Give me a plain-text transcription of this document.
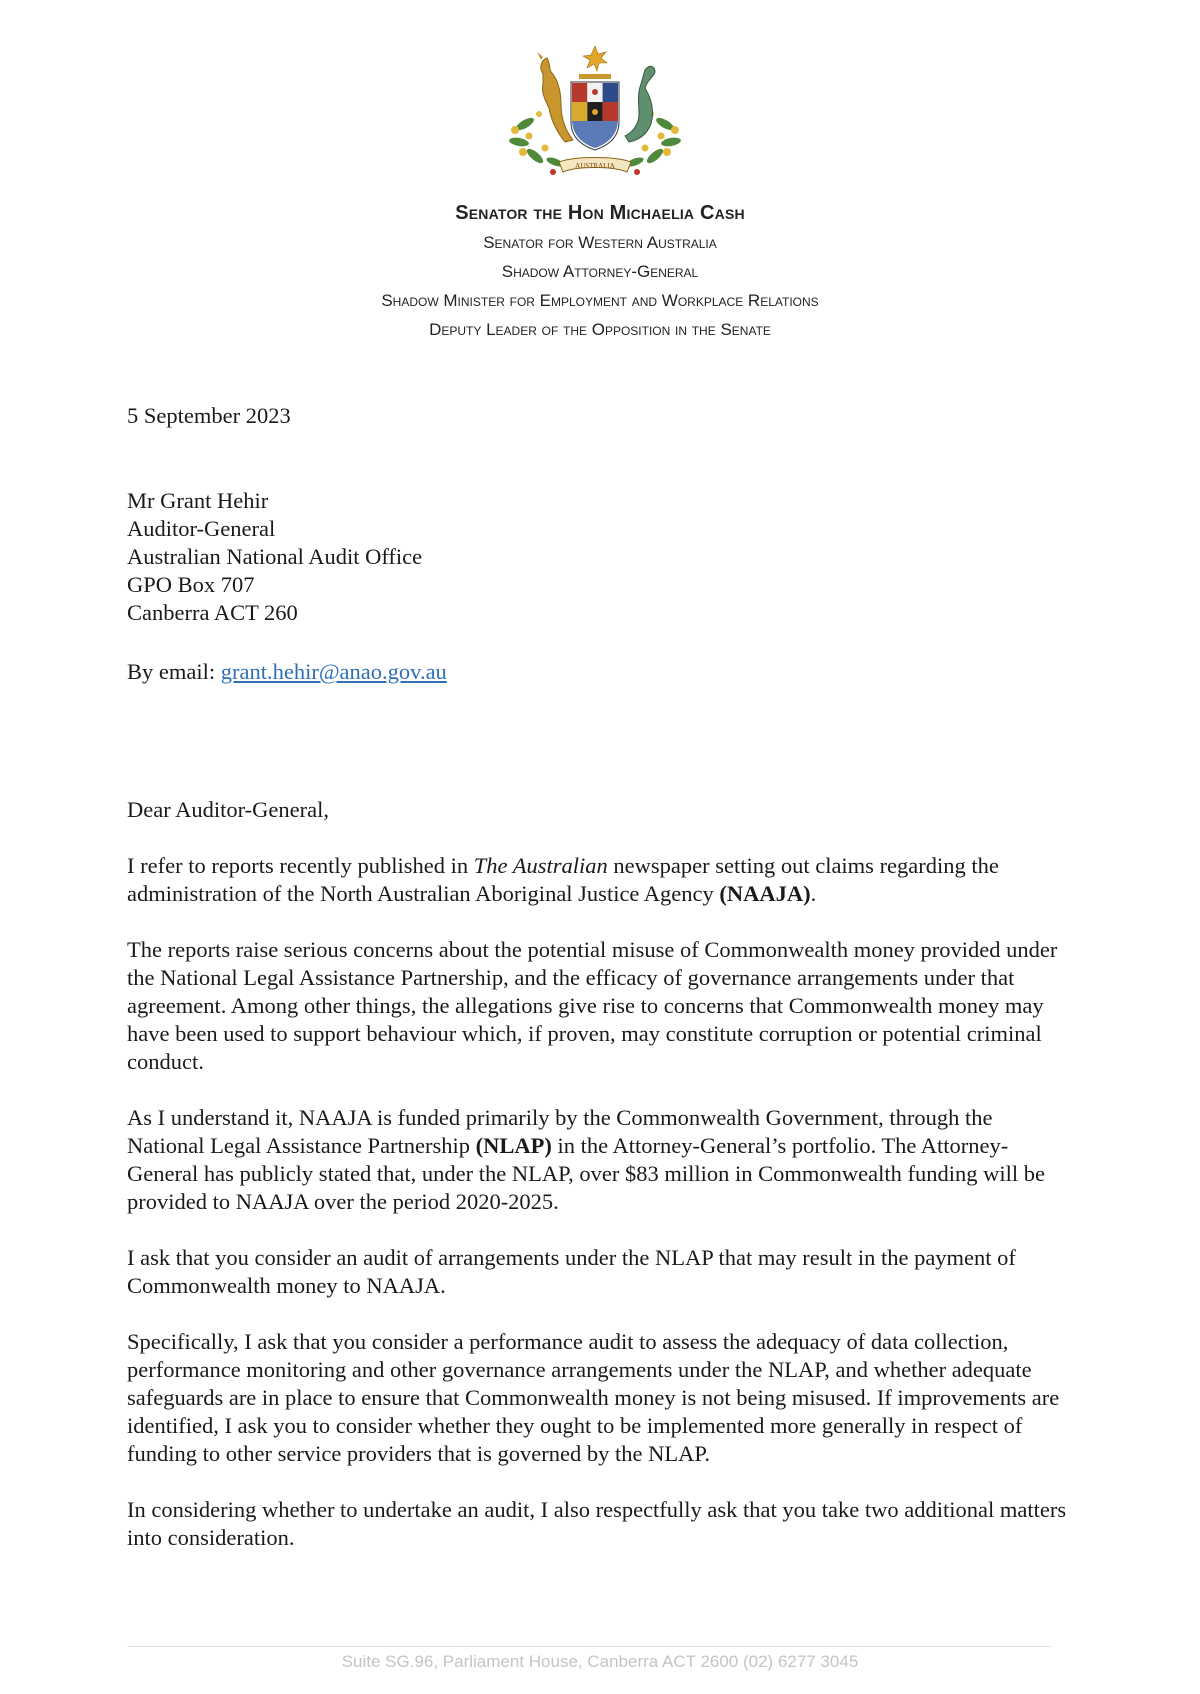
AUSTRALIA
Senator the Hon Michaelia Cash
Senator for Western Australia
Shadow Attorney-General
Shadow Minister for Employment and Workplace Relations
Deputy Leader of the Opposition in the Senate
5 September 2023
Mr Grant Hehir
Auditor-General
Australian National Audit Office
GPO Box 707
Canberra ACT 260
By email: grant.hehir@anao.gov.au

Dear Auditor-General,

I refer to reports recently published in The Australian newspaper setting out claims regarding the administration of the North Australian Aboriginal Justice Agency (NAAJA).

The reports raise serious concerns about the potential misuse of Commonwealth money provided under the National Legal Assistance Partnership, and the efficacy of governance arrangements under that agreement. Among other things, the allegations give rise to concerns that Commonwealth money may have been used to support behaviour which, if proven, may constitute corruption or potential criminal conduct.

As I understand it, NAAJA is funded primarily by the Commonwealth Government, through the National Legal Assistance Partnership (NLAP) in the Attorney-General’s portfolio. The Attorney-General has publicly stated that, under the NLAP, over $83 million in Commonwealth funding will be provided to NAAJA over the period 2020-2025.

I ask that you consider an audit of arrangements under the NLAP that may result in the payment of Commonwealth money to NAAJA.

Specifically, I ask that you consider a performance audit to assess the adequacy of data collection, performance monitoring and other governance arrangements under the NLAP, and whether adequate safeguards are in place to ensure that Commonwealth money is not being misused. If improvements are identified, I ask you to consider whether they ought to be implemented more generally in respect of funding to other service providers that is governed by the NLAP.

In considering whether to undertake an audit, I also respectfully ask that you take two additional matters into consideration.

Suite SG.96, Parliament House, Canberra ACT 2600 (02) 6277 3045
